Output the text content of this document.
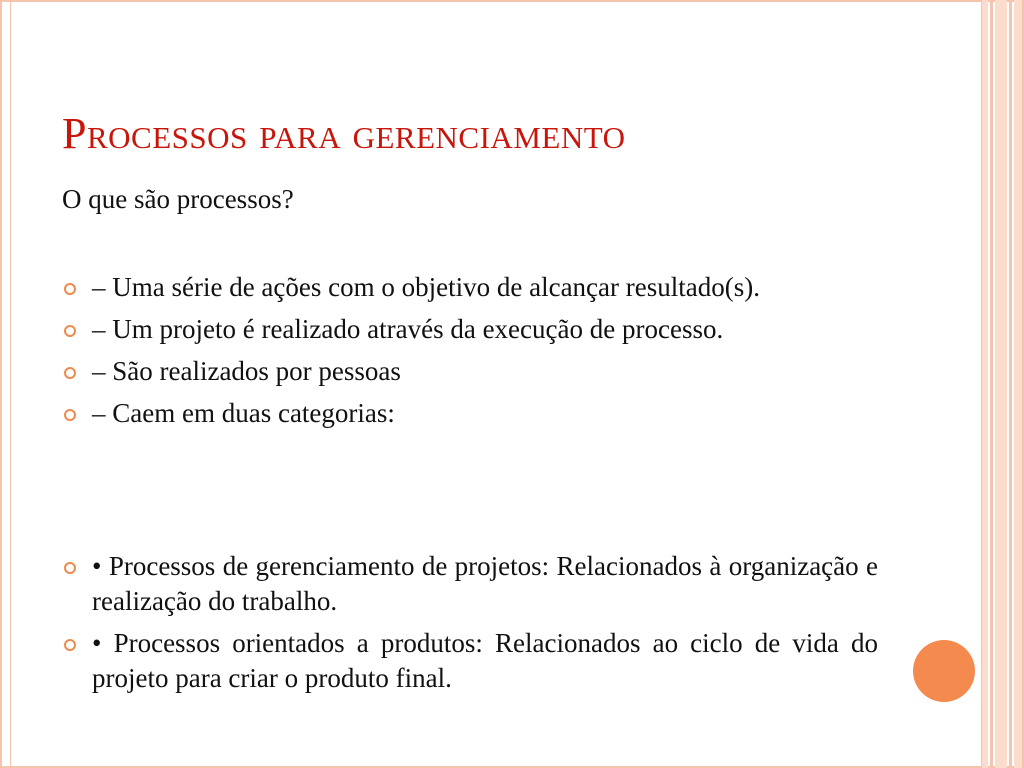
Processos para gerenciamento

O que são processos?

– Uma série de ações com o objetivo de alcançar resultado(s).
– Um projeto é realizado através da execução de processo.
– São realizados por pessoas
– Caem em duas categorias:
• Processos de gerenciamento de projetos: Relacionados à organização e realização do trabalho.
• Processos orientados a produtos: Relacionados ao ciclo de vida do projeto para criar o produto final.
